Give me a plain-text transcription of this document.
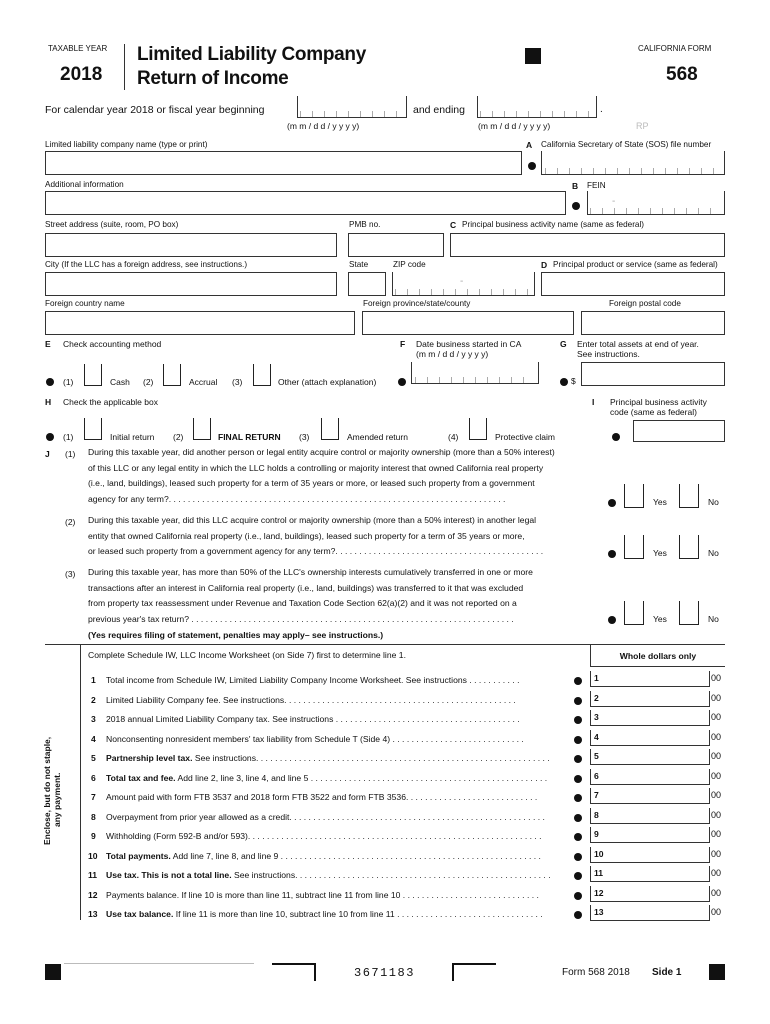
TAXABLE YEAR
2018
Limited Liability Company
Return of Income
CALIFORNIA FORM
568
For calendar year 2018 or fiscal year beginning	and ending	.
(m m / d d / y y y y)	(m m / d d / y y y y)	RP
Limited liability company name (type or print)	A California Secretary of State (SOS) file number
Additional information	B FEIN
-
Street address (suite, room, PO box)	PMB no.	C Principal business activity name (same as federal)
City (If the LLC has a foreign address, see instructions.)	State	ZIP code	D Principal product or service (same as federal)
-
Foreign country name	Foreign province/state/county	Foreign postal code
E Check accounting method	F Date business started in CA
(m m / d d / y y y y)
G Enter total assets at end of year.
See instructions.
(1)	Cash (2)	Accrual (3)	Other (attach explanation)	$
H Check the applicable box	I Principal business activity
code (same as federal)
(1)	Initial return (2)	FINAL RETURN (3)	Amended return	(4)	Protective claim
J (1) During this taxable year, did another person or legal entity acquire control or majority ownership (more than a 50% interest)
of this LLC or any legal entity in which the LLC holds a controlling or majority interest that owned California real property
(i.e., land, buildings), leased such property for a term of 35 years or more, or leased such property from a government
agency for any term?. . . . . . . . . . . . . . . . . . . . . . . . . . . . . . . . . . . . . . . . . . . . . . . . . . . . . . . . . . . . . . . . . . . . . . .	Yes	No
(2) During this taxable year, did this LLC acquire control or majority ownership (more than a 50% interest) in another legal
entity that owned California real property (i.e., land, buildings), leased such property for a term of 35 years or more,
or leased such property from a government agency for any term?. . . . . . . . . . . . . . . . . . . . . . . . . . . . . . . . . . . . . . . . . . . .	Yes	No
(3) During this taxable year, has more than 50% of the LLC's ownership interests cumulatively transferred in one or more
transactions after an interest in California real property (i.e., land, buildings) was transferred to it that was excluded
from property tax reassessment under Revenue and Taxation Code Section 62(a)(2) and it was not reported on a
previous year's tax return? . . . . . . . . . . . . . . . . . . . . . . . . . . . . . . . . . . . . . . . . . . . . . . . . . . . . . . . . . . . . . . . . . . . .	Yes	No
(Yes requires filing of statement, penalties may apply– see instructions.)
Enclose, but do not staple, any payment.
Complete Schedule IW, LLC Income Worksheet (on Side 7) first to determine line 1.	Whole dollars only
1 Total income from Schedule IW, Limited Liability Company Income Worksheet. See instructions . . . . . . . . . . .	1	00
2 Limited Liability Company fee. See instructions. . . . . . . . . . . . . . . . . . . . . . . . . . . . . . . . . . . . . . . . . . . . . . . . .	2	00
3 2018 annual Limited Liability Company tax. See instructions . . . . . . . . . . . . . . . . . . . . . . . . . . . . . . . . . . . . . . .	3	00
4 Nonconsenting nonresident members' tax liability from Schedule T (Side 4) . . . . . . . . . . . . . . . . . . . . . . . . . . . .	4	00
5 Partnership level tax. See instructions. . . . . . . . . . . . . . . . . . . . . . . . . . . . . . . . . . . . . . . . . . . . . . . . . . . . . . . . . . . . . .	5	00
6 Total tax and fee. Add line 2, line 3, line 4, and line 5 . . . . . . . . . . . . . . . . . . . . . . . . . . . . . . . . . . . . . . . . . . . . . . . . . .	6	00
7 Amount paid with form FTB 3537 and 2018 form FTB 3522 and form FTB 3536. . . . . . . . . . . . . . . . . . . . . . . . . . . .	7	00
8 Overpayment from prior year allowed as a credit. . . . . . . . . . . . . . . . . . . . . . . . . . . . . . . . . . . . . . . . . . . . . . . . . . . . . .	8	00
9 Withholding (Form 592-B and/or 593). . . . . . . . . . . . . . . . . . . . . . . . . . . . . . . . . . . . . . . . . . . . . . . . . . . . . . . . . . . . . .	9	00
10 Total payments. Add line 7, line 8, and line 9 . . . . . . . . . . . . . . . . . . . . . . . . . . . . . . . . . . . . . . . . . . . . . . . . . . . . . . .	10	00
11 Use tax. This is not a total line. See instructions. . . . . . . . . . . . . . . . . . . . . . . . . . . . . . . . . . . . . . . . . . . . . . . . . . . . . .	11	00
12 Payments balance. If line 10 is more than line 11, subtract line 11 from line 10 . . . . . . . . . . . . . . . . . . . . . . . . . . . . .	12	00
13 Use tax balance. If line 11 is more than line 10, subtract line 10 from line 11 . . . . . . . . . . . . . . . . . . . . . . . . . . . . . . .	13	00
3671183	Form 568 2018 Side 1
